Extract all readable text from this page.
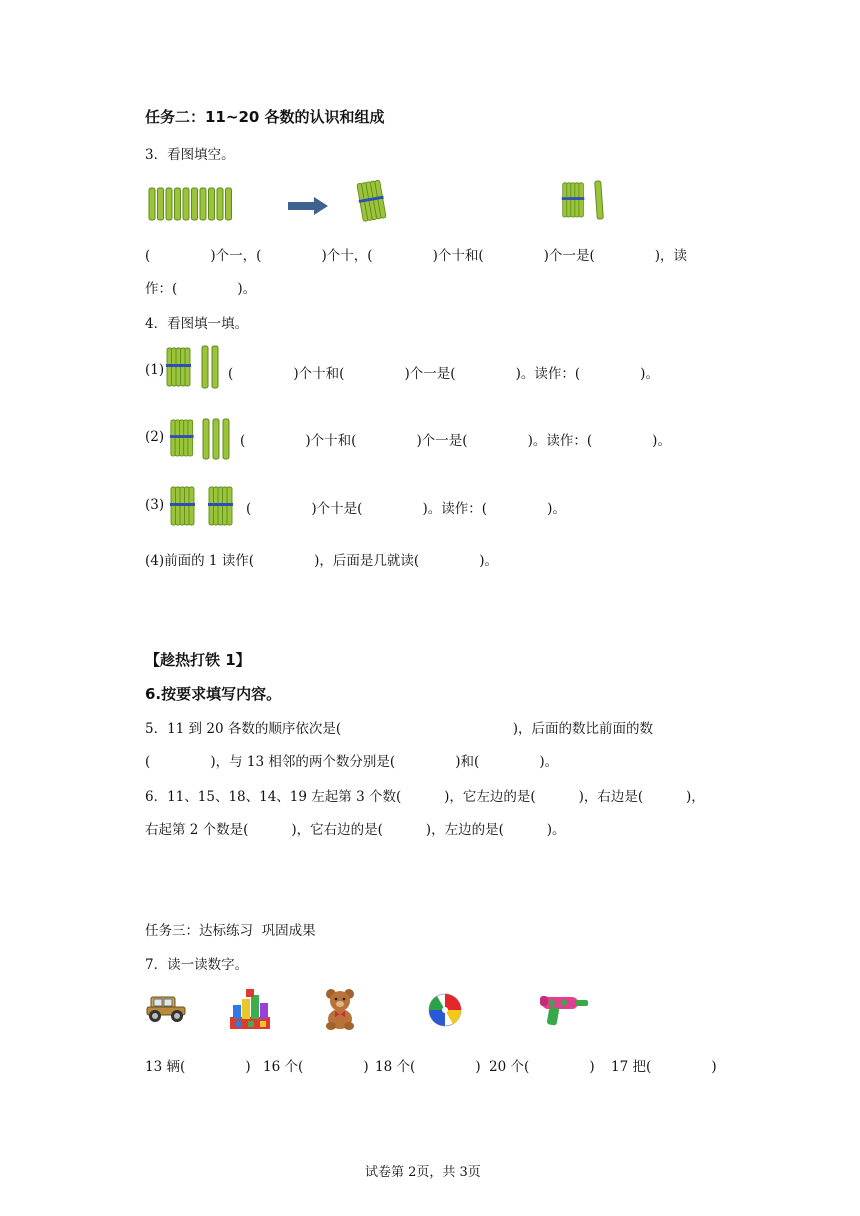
任务二：11~20 各数的认识和组成
3．看图填空。
(              )个一，(              )个十，(              )个十和(              )个一是(              )，读
作：(              )。
4．看图填一填。
(1)	(              )个十和(              )个一是(              )。读作：(              )。
(2)	(              )个十和(              )个一是(              )。读作：(              )。
(3)	(              )个十是(              )。读作：(              )。
(4)前面的 1 读作(              )，后面是几就读(              )。
【趁热打铁 1】
6.按要求填写内容。
5．11 到 20 各数的顺序依次是(                                        )，后面的数比前面的数
(              )，与 13 相邻的两个数分别是(              )和(              )。
6．11、15、18、14、19 左起第 3 个数(          )，它左边的是(          )，右边是(          )，
右起第 2 个数是(          )，它右边的是(          )，左边的是(          )。
任务三：达标练习  巩固成果
7．读一读数字。
13 辆(              ) 16 个(              ) 18 个(              ) 20 个(              ) 17 把(              )
试卷第 2页，共 3页
